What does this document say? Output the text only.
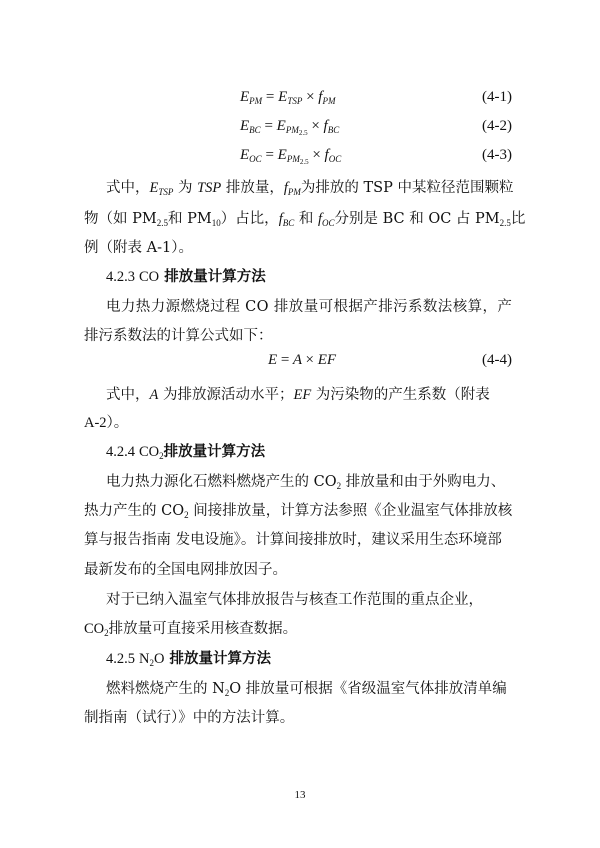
$E_{PM} = E_{TSP} \times f_{PM}$	(4-1)
$E_{BC} = E_{PM_{2.5}} \times f_{BC}$	(4-2)
$E_{OC} = E_{PM_{2.5}} \times f_{OC}$	(4-3)
式中，$E_{TSP}$ 为 TSP 排放量，$f_{PM}$为排放的 TSP 中某粒径范围颗粒
物（如 $PM_{2.5}$和 $PM_{10}$）占比，$f_{BC}$ 和 $f_{OC}$分别是 BC 和 OC 占 $PM_{2.5}$比
例（附表 A-1）。
4.2.3 CO 排放量计算方法
电力热力源燃烧过程 CO 排放量可根据产排污系数法核算，产
排污系数法的计算公式如下：
E = A × EF	(4-4)
式中，A 为排放源活动水平；EF 为污染物的产生系数（附表
A-2）。
4.2.4 $CO_2$排放量计算方法
电力热力源化石燃料燃烧产生的 $CO_2$ 排放量和由于外购电力、
热力产生的 $CO_2$ 间接排放量，计算方法参照《企业温室气体排放核
算与报告指南 发电设施》。计算间接排放时，建议采用生态环境部
最新发布的全国电网排放因子。
对于已纳入温室气体排放报告与核查工作范围的重点企业，
$CO_2$排放量可直接采用核查数据。
4.2.5 $N_2O$ 排放量计算方法
燃料燃烧产生的 $N_2O$ 排放量可根据《省级温室气体排放清单编
制指南（试行）》中的方法计算。
13
